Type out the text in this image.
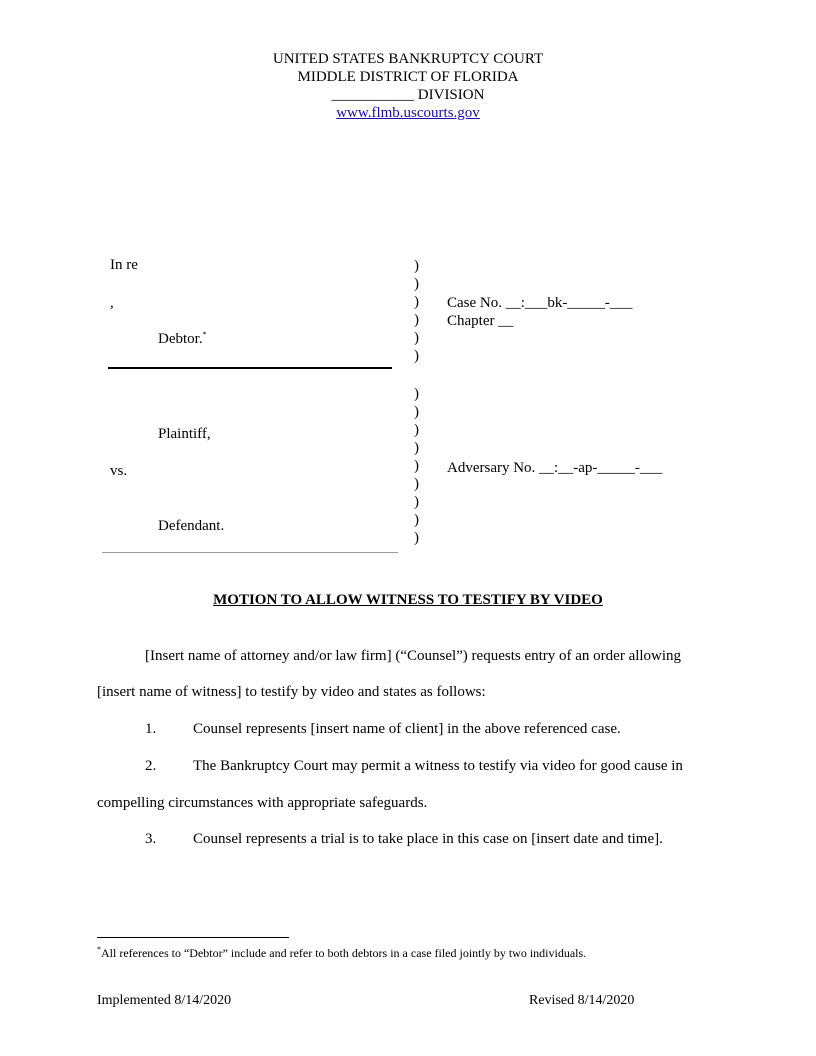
UNITED STATES BANKRUPTCY COURT
MIDDLE DISTRICT OF FLORIDA
___________ DIVISION
www.flmb.uscourts.gov
In re
,
Debtor.*
Plaintiff,
vs.
Defendant.
)
)
)
)
)
)
)
)
)
)
)
)
)
)
)
Case No. __:___bk-_____-___
Chapter __
Adversary No. __:__-ap-_____-___
MOTION TO ALLOW WITNESS TO TESTIFY BY VIDEO
[Insert name of attorney and/or law firm] (“Counsel”) requests entry of an order allowing
[insert name of witness] to testify by video and states as follows:
1. Counsel represents [insert name of client] in the above referenced case.
2. The Bankruptcy Court may permit a witness to testify via video for good cause in
compelling circumstances with appropriate safeguards.
3. Counsel represents a trial is to take place in this case on [insert date and time].
*All references to “Debtor” include and refer to both debtors in a case filed jointly by two individuals.
Implemented 8/14/2020	Revised 8/14/2020
